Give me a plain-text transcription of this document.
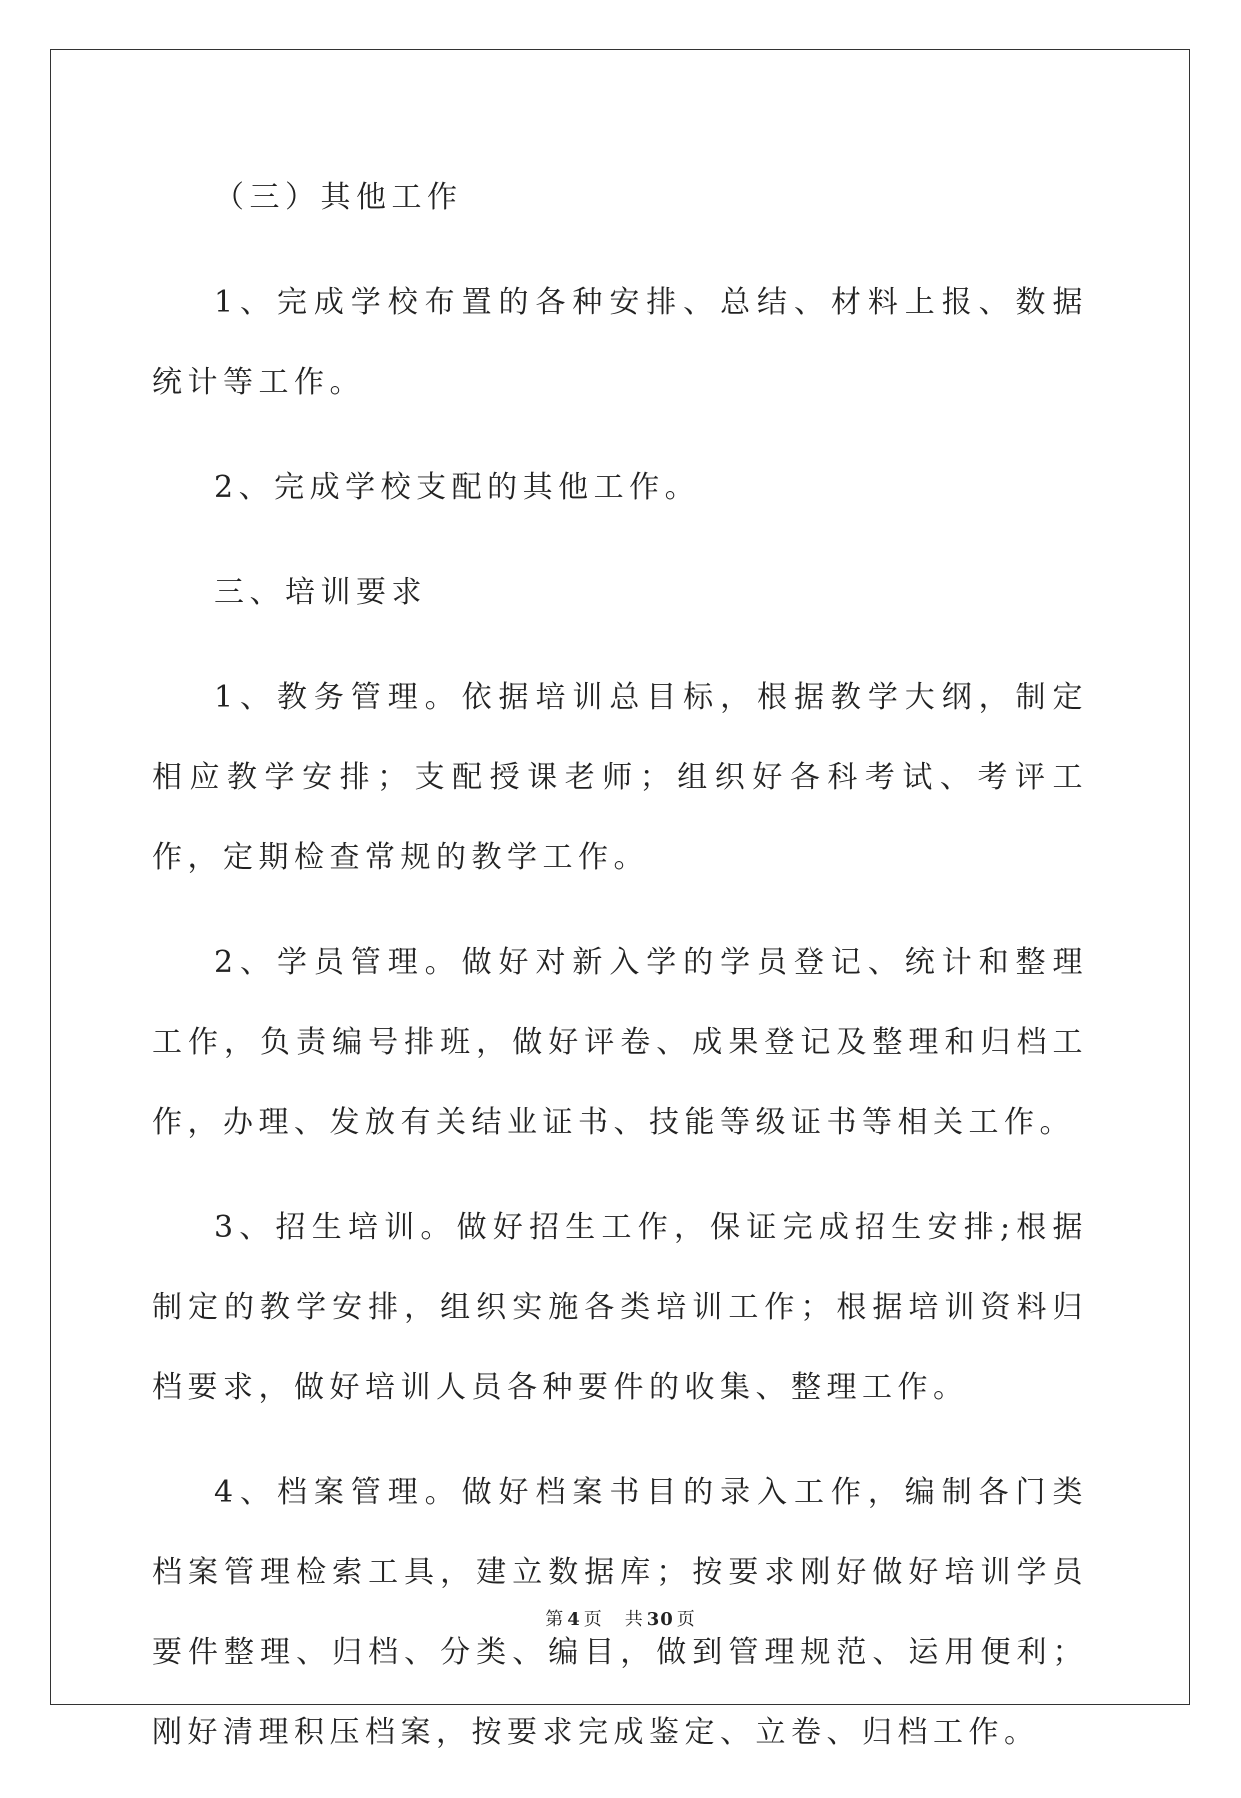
（三）其他工作

1、完成学校布置的各种安排、总结、材料上报、数据统计等工作。

2、完成学校支配的其他工作。

三、培训要求

1、教务管理。依据培训总目标，根据教学大纲，制定相应教学安排；支配授课老师；组织好各科考试、考评工作，定期检查常规的教学工作。

2、学员管理。做好对新入学的学员登记、统计和整理工作，负责编号排班，做好评卷、成果登记及整理和归档工作，办理、发放有关结业证书、技能等级证书等相关工作。

3、招生培训。做好招生工作，保证完成招生安排;根据制定的教学安排，组织实施各类培训工作；根据培训资料归档要求，做好培训人员各种要件的收集、整理工作。

4、档案管理。做好档案书目的录入工作，编制各门类档案管理检索工具，建立数据库；按要求刚好做好培训学员要件整理、归档、分类、编目，做到管理规范、运用便利；刚好清理积压档案，按要求完成鉴定、立卷、归档工作。

第 4 页 共 30 页
